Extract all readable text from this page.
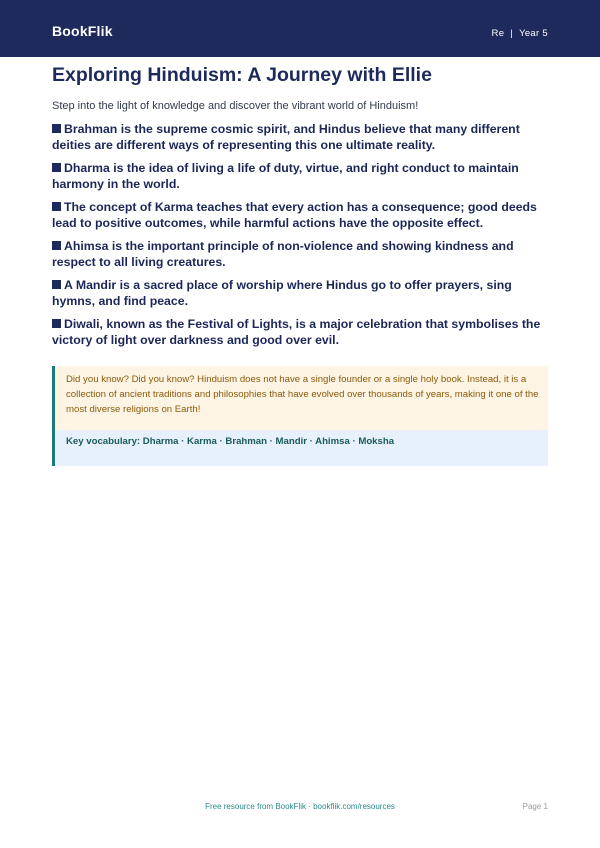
BookFlik	Re | Year 5
Exploring Hinduism: A Journey with Ellie

Step into the light of knowledge and discover the vibrant world of Hinduism!

Brahman is the supreme cosmic spirit, and Hindus believe that many different deities are different ways of representing this one ultimate reality.
Dharma is the idea of living a life of duty, virtue, and right conduct to maintain harmony in the world.
The concept of Karma teaches that every action has a consequence; good deeds lead to positive outcomes, while harmful actions have the opposite effect.
Ahimsa is the important principle of non-violence and showing kindness and respect to all living creatures.
A Mandir is a sacred place of worship where Hindus go to offer prayers, sing hymns, and find peace.
Diwali, known as the Festival of Lights, is a major celebration that symbolises the victory of light over darkness and good over evil.
Did you know? Did you know? Hinduism does not have a single founder or a single holy book. Instead, it is a collection of ancient traditions and philosophies that have evolved over thousands of years, making it one of the most diverse religions on Earth!
Key vocabulary: Dharma · Karma · Brahman · Mandir · Ahimsa · Moksha
Free resource from BookFlik · bookflik.com/resources	Page 1
